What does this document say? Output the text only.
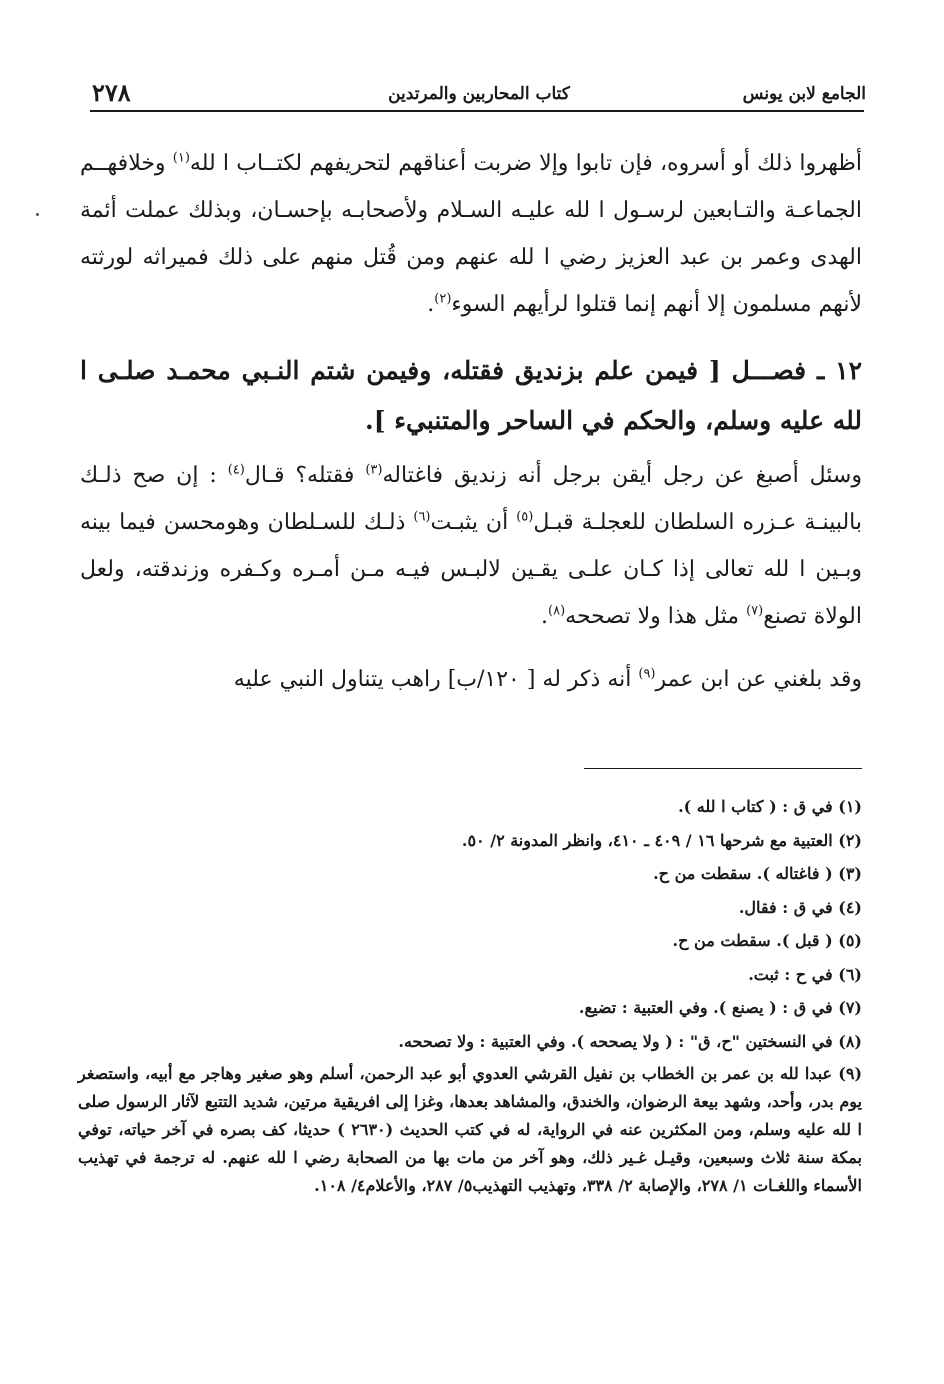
الجامع لابن يونس
كتاب المحاربين والمرتدين
٢٧٨

أظهروا ذلك أو أسروه، فإن تابوا وإلا ضربت أعناقهم لتحريفهم لكتــاب ا لله$^{(١)}$ وخلافهــم الجماعـة والتـابعين لرسـول ا لله عليـه السـلام ولأصحابـه بإحسـان، وبذلك عملت أئمة الهدى وعمر بن عبد العزيز رضي ا لله عنهم ومن قُتل منهم على ذلك فميراثه لورثته لأنهم مسلمون إلا أنهم إنما قتلوا لرأيهم السوء$^{(٢)}$.

١٢ ـ فصـــل [ فيمن علم بزنديق فقتله، وفيمن شتم النـبي محمـد صلـى ا لله عليه وسلم، والحكم في الساحر والمتنبيء ].

وسئل أصبغ عن رجل أيقن برجل أنه زنديق فاغتاله$^{(٣)}$ فقتله؟ قـال$^{(٤)}$ : إن صح ذلـك بالبينـة عـزره السلطان للعجلـة قبـل$^{(٥)}$ أن يثبـت$^{(٦)}$ ذلـك للسـلطان وهومحسن فيما بينه وبـين ا لله تعالى إذا كـان علـى يقـين لالبـس فيـه مـن أمـره وكـفره وزندقته، ولعل الولاة تصنع$^{(٧)}$ مثل هذا ولا تصححه$^{(٨)}$.

وقد بلغني عن ابن عمر$^{(٩)}$ أنه ذكر له [ ١٢٠/ب] راهب يتناول النبي عليه

(١) في ق : ( كتاب ا لله ).

(٢) العتبية مع شرحها ١٦ / ٤٠٩ ـ ٤١٠، وانظر المدونة ٢/ ٥٠.

(٣) ( فاغتاله ). سقطت من ح.

(٤) في ق : فقال.

(٥) ( قبل ). سقطت من ح.

(٦) في ح : ثبت.

(٧) في ق : ( يصنع ). وفي العتبية : تضيع.

(٨) في النسختين "ح، ق" : ( ولا يصححه ). وفي العتبية : ولا تصححه.

(٩) عبدا لله بن عمر بن الخطاب بن نفيل القرشي العدوي أبو عبد الرحمن، أسلم وهو صغير وهاجر مع أبيه، واستصغر يوم بدر، وأحد، وشهد بيعة الرضوان، والخندق، والمشاهد بعدها، وغزا إلى افريقية مرتين، شديد التتبع لآثار الرسول صلى ا لله عليه وسلم، ومن المكثرين عنه في الرواية، له في كتب الحديث (٢٦٣٠ ) حديثا، كف بصره في آخر حياته، توفي بمكة سنة ثلاث وسبعين، وقيـل غـير ذلك، وهو آخر من مات بها من الصحابة رضي ا لله عنهم. له ترجمة في تهذيب الأسماء واللغـات ١/ ٢٧٨، والإصابة ٢/ ٣٣٨، وتهذيب التهذيب٥/ ٢٨٧، والأعلام٤/ ١٠٨.
